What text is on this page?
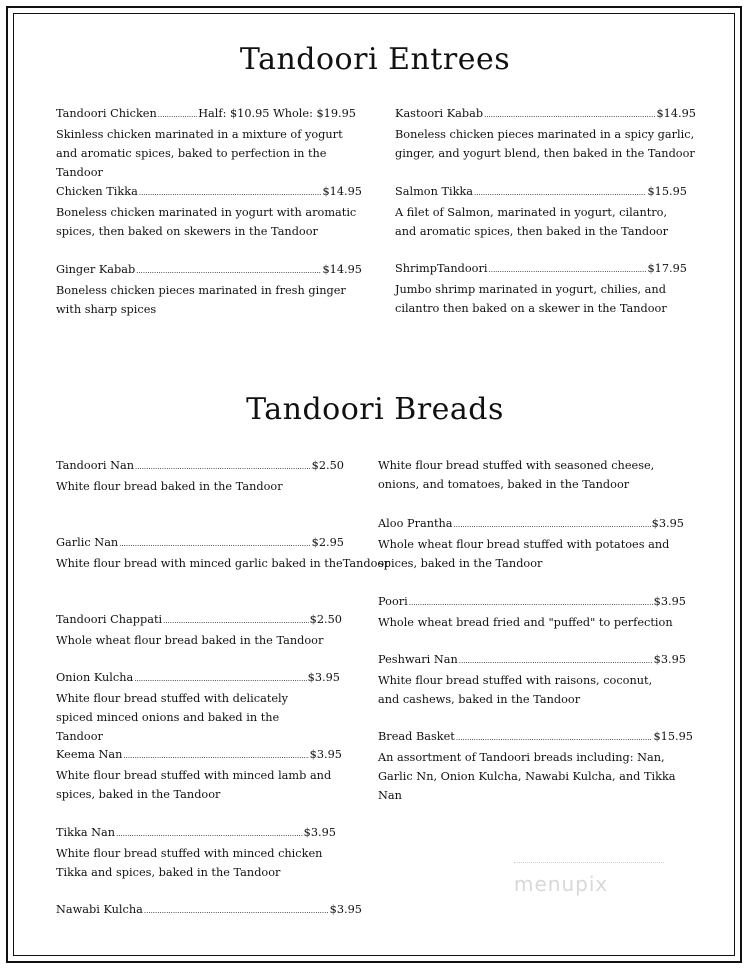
Tandoori Entrees
Tandoori Chicken .....	Half: $10.95 Whole: $19.95
Skinless chicken marinated in a mixture of yogurt and aromatic spices, baked to perfection in the Tandoor
Kastoori Kabab .....	$14.95
Boneless chicken pieces marinated in a spicy garlic, ginger, and yogurt blend, then baked in the Tandoor
Chicken Tikka .....	$14.95
Boneless chicken marinated in yogurt with aromatic spices, then baked on skewers in the Tandoor
Salmon Tikka .....	$15.95
A filet of Salmon, marinated in yogurt, cilantro, and aromatic spices, then baked in the Tandoor
Ginger Kabab .....	$14.95
Boneless chicken pieces marinated in fresh ginger with sharp spices
ShrimpTandoori .....	$17.95
Jumbo shrimp marinated in yogurt, chilies, and cilantro then baked on a skewer in the Tandoor
Tandoori Breads
Tandoori Nan .....	$2.50
White flour bread baked in the Tandoor
Garlic Nan .....	$2.95
White flour bread with minced garlic baked in theTandoor
Tandoori Chappati .....	$2.50
Whole wheat flour bread baked in the Tandoor
Onion Kulcha .....	$3.95
White flour bread stuffed with delicately spiced minced onions and baked in the Tandoor
Keema Nan .....	$3.95
White flour bread stuffed with minced lamb and spices, baked in the Tandoor
Tikka Nan .....	$3.95
White flour bread stuffed with minced chicken Tikka and spices, baked in the Tandoor
Nawabi Kulcha .....	$3.95
White flour bread stuffed with seasoned cheese, onions, and tomatoes, baked in the Tandoor
Aloo Prantha .....	$3.95
Whole wheat flour bread stuffed with potatoes and spices, baked in the Tandoor
Poori .....	$3.95
Whole wheat bread fried and "puffed" to perfection
Peshwari Nan .....	$3.95
White flour bread stuffed with raisons, coconut, and cashews, baked in the Tandoor
Bread Basket .....	$15.95
An assortment of Tandoori breads including: Nan, Garlic Nn, Onion Kulcha, Nawabi Kulcha, and Tikka Nan
menupix
